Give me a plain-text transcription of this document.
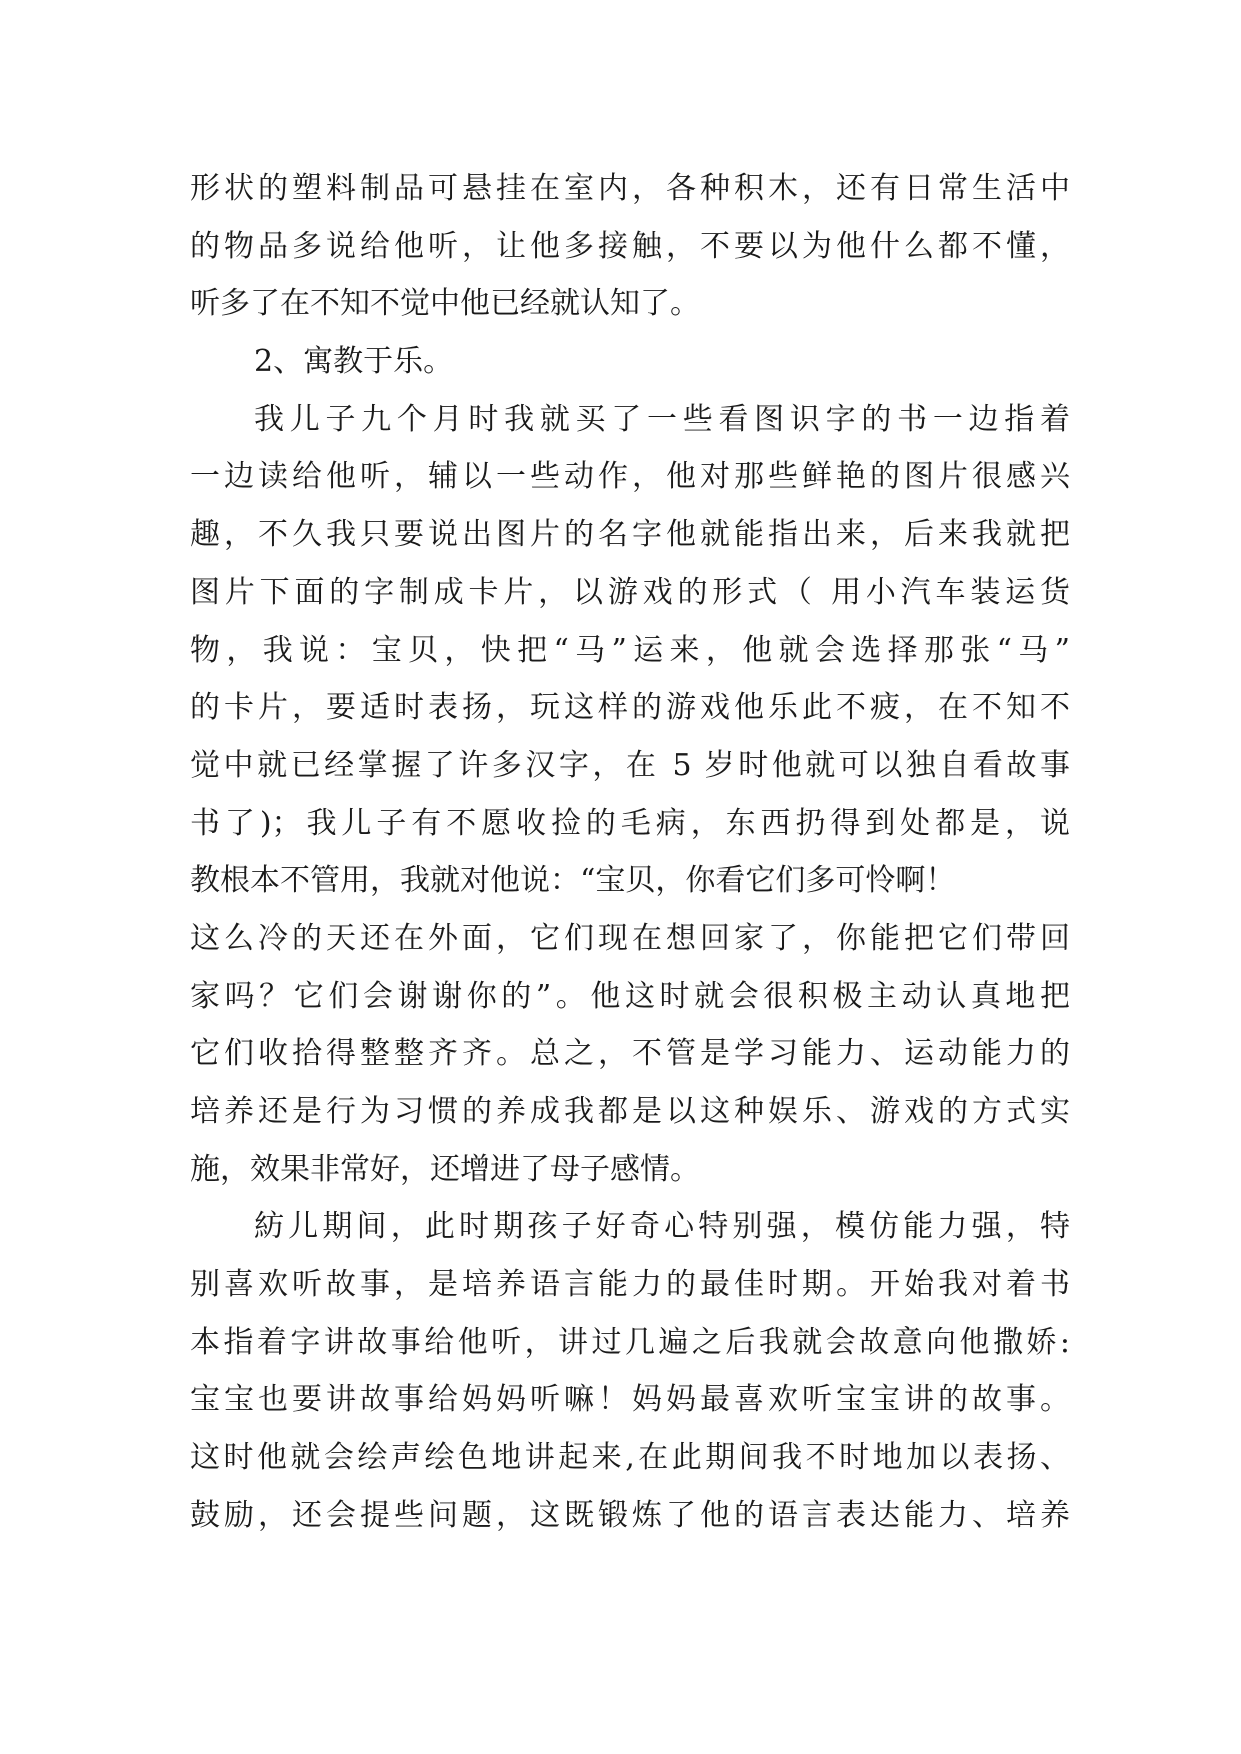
形状的塑料制品可悬挂在室内，各种积木，还有日常生活中
的物品多说给他听，让他多接触，不要以为他什么都不懂，
听多了在不知不觉中他已经就认知了。
2、寓教于乐。
我儿子九个月时我就买了一些看图识字的书一边指着
一边读给他听，辅以一些动作，他对那些鲜艳的图片很感兴
趣，不久我只要说出图片的名字他就能指出来，后来我就把
图片下面的字制成卡片，以游戏的形式（ 用小汽车装运货
物，我说：宝贝，快把“马”运来，他就会选择那张“马”
的卡片，要适时表扬，玩这样的游戏他乐此不疲，在不知不
觉中就已经掌握了许多汉字，在 5 岁时他就可以独自看故事
书了)；我儿子有不愿收捡的毛病，东西扔得到处都是，说
教根本不管用，我就对他说：“宝贝，你看它们多可怜啊！
这么冷的天还在外面，它们现在想回家了，你能把它们带回
家吗？它们会谢谢你的”。他这时就会很积极主动认真地把
它们收拾得整整齐齐。总之，不管是学习能力、运动能力的
培养还是行为习惯的养成我都是以这种娱乐、游戏的方式实
施，效果非常好，还增进了母子感情。
紡儿期间，此时期孩子好奇心特别强，模仿能力强，特
别喜欢听故事，是培养语言能力的最佳时期。开始我对着书
本指着字讲故事给他听，讲过几遍之后我就会故意向他撒娇:
宝宝也要讲故事给妈妈听嘛！妈妈最喜欢听宝宝讲的故事。
这时他就会绘声绘色地讲起来,在此期间我不时地加以表扬、
鼓励，还会提些问题，这既锻炼了他的语言表达能力、培养
